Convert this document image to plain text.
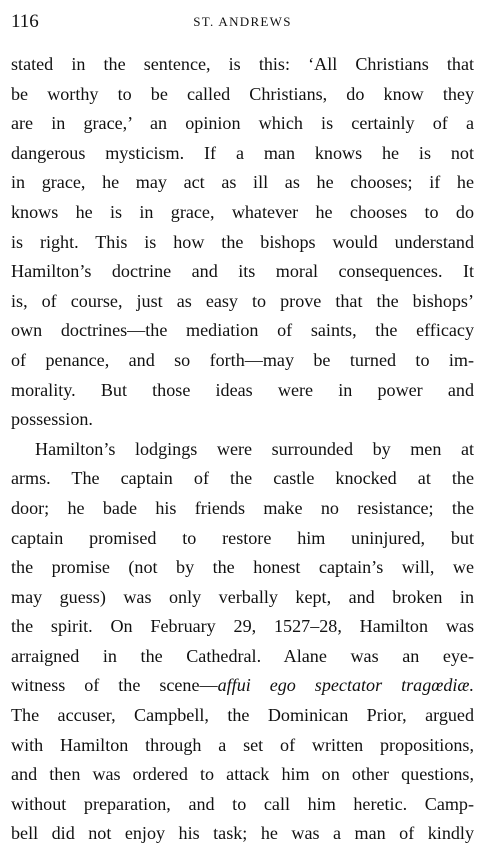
116	ST. ANDREWS
stated in the sentence, is this: ‘All Christians that
be worthy to be called Christians, do know they
are in grace,’ an opinion which is certainly of a
dangerous mysticism. If a man knows he is not
in grace, he may act as ill as he chooses; if he
knows he is in grace, whatever he chooses to do
is right. This is how the bishops would understand
Hamilton’s doctrine and its moral consequences. It
is, of course, just as easy to prove that the bishops’
own doctrines—the mediation of saints, the efficacy
of penance, and so forth—may be turned to im-
morality. But those ideas were in power and
possession.
Hamilton’s lodgings were surrounded by men at
arms. The captain of the castle knocked at the
door; he bade his friends make no resistance; the
captain promised to restore him uninjured, but
the promise (not by the honest captain’s will, we
may guess) was only verbally kept, and broken in
the spirit. On February 29, 1527–28, Hamilton was
arraigned in the Cathedral. Alane was an eye-
witness of the scene—affui ego spectator tragœdiæ.
The accuser, Campbell, the Dominican Prior, argued
with Hamilton through a set of written propositions,
and then was ordered to attack him on other questions,
without preparation, and to call him heretic. Camp-
bell did not enjoy his task; he was a man of kindly
